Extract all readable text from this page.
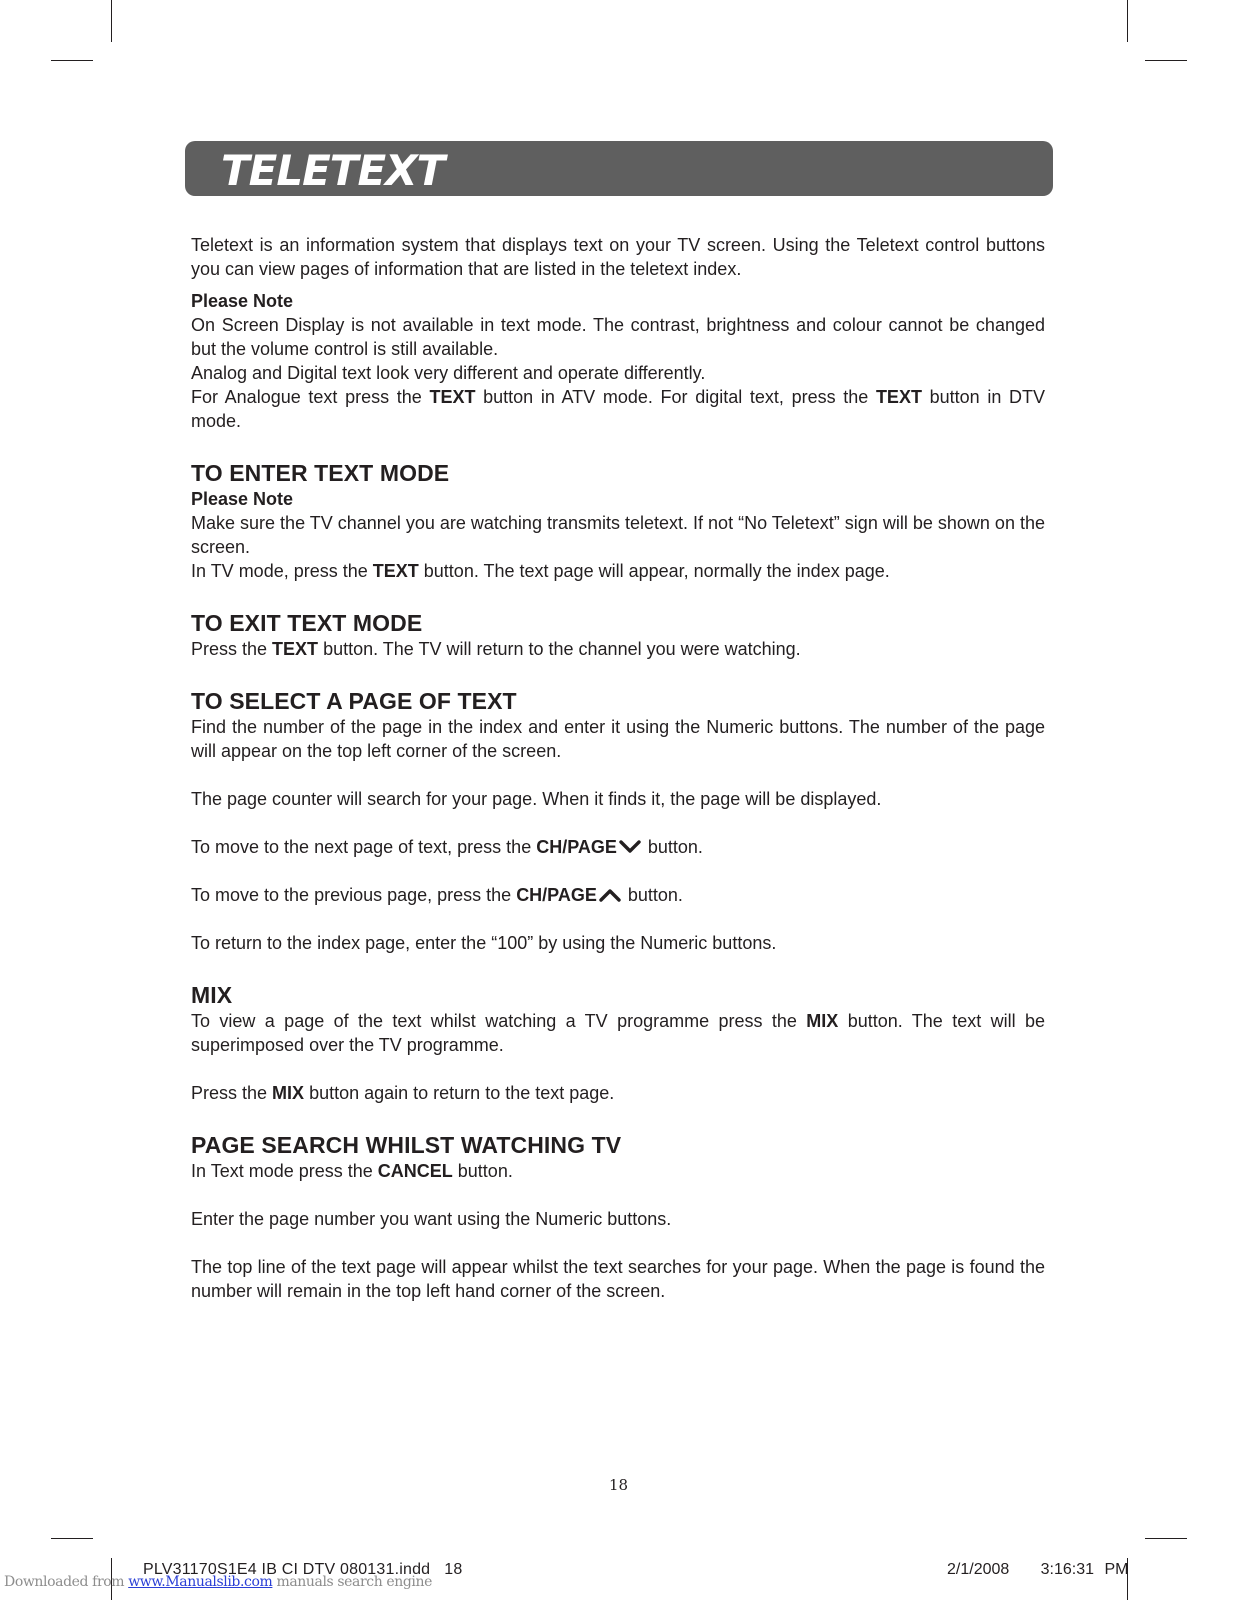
TELETEXT

Teletext is an information system that displays text on your TV screen. Using the Teletext control buttons you can view pages of information that are listed in the teletext index.

Please Note

On Screen Display is not available in text mode. The contrast, brightness and colour cannot be changed but the volume control is still available.

Analog and Digital text look very different and operate differently.

For Analogue text press the TEXT button in ATV mode. For digital text, press the TEXT button in DTV mode.

TO ENTER TEXT MODE

Please Note

Make sure the TV channel you are watching transmits teletext. If not “No Teletext” sign will be shown on the screen.

In TV mode, press the TEXT button. The text page will appear, normally the index page.

TO EXIT TEXT MODE

Press the TEXT button. The TV will return to the channel you were watching.

TO SELECT A PAGE OF TEXT

Find the number of the page in the index and enter it using the Numeric buttons. The number of the page will appear on the top left corner of the screen.

The page counter will search for your page. When it finds it, the page will be displayed.

To move to the next page of text, press the CH/PAGE button.

To move to the previous page, press the CH/PAGE button.

To return to the index page, enter the “100” by using the Numeric buttons.

MIX

To view a page of the text whilst watching a TV programme press the MIX button. The text will be superimposed over the TV programme.

Press the MIX button again to return to the text page.

PAGE SEARCH WHILST WATCHING TV

In Text mode press the CANCEL button.

Enter the page number you want using the Numeric buttons.

The top line of the text page will appear whilst the text searches for your page. When the page is found the number will remain in the top left hand corner of the screen.

18
PLV31170S1E4 IB CI DTV 080131.indd   18	2/1/2008   3:16:31 PM
Downloaded from www.Manualslib.com manuals search engine
